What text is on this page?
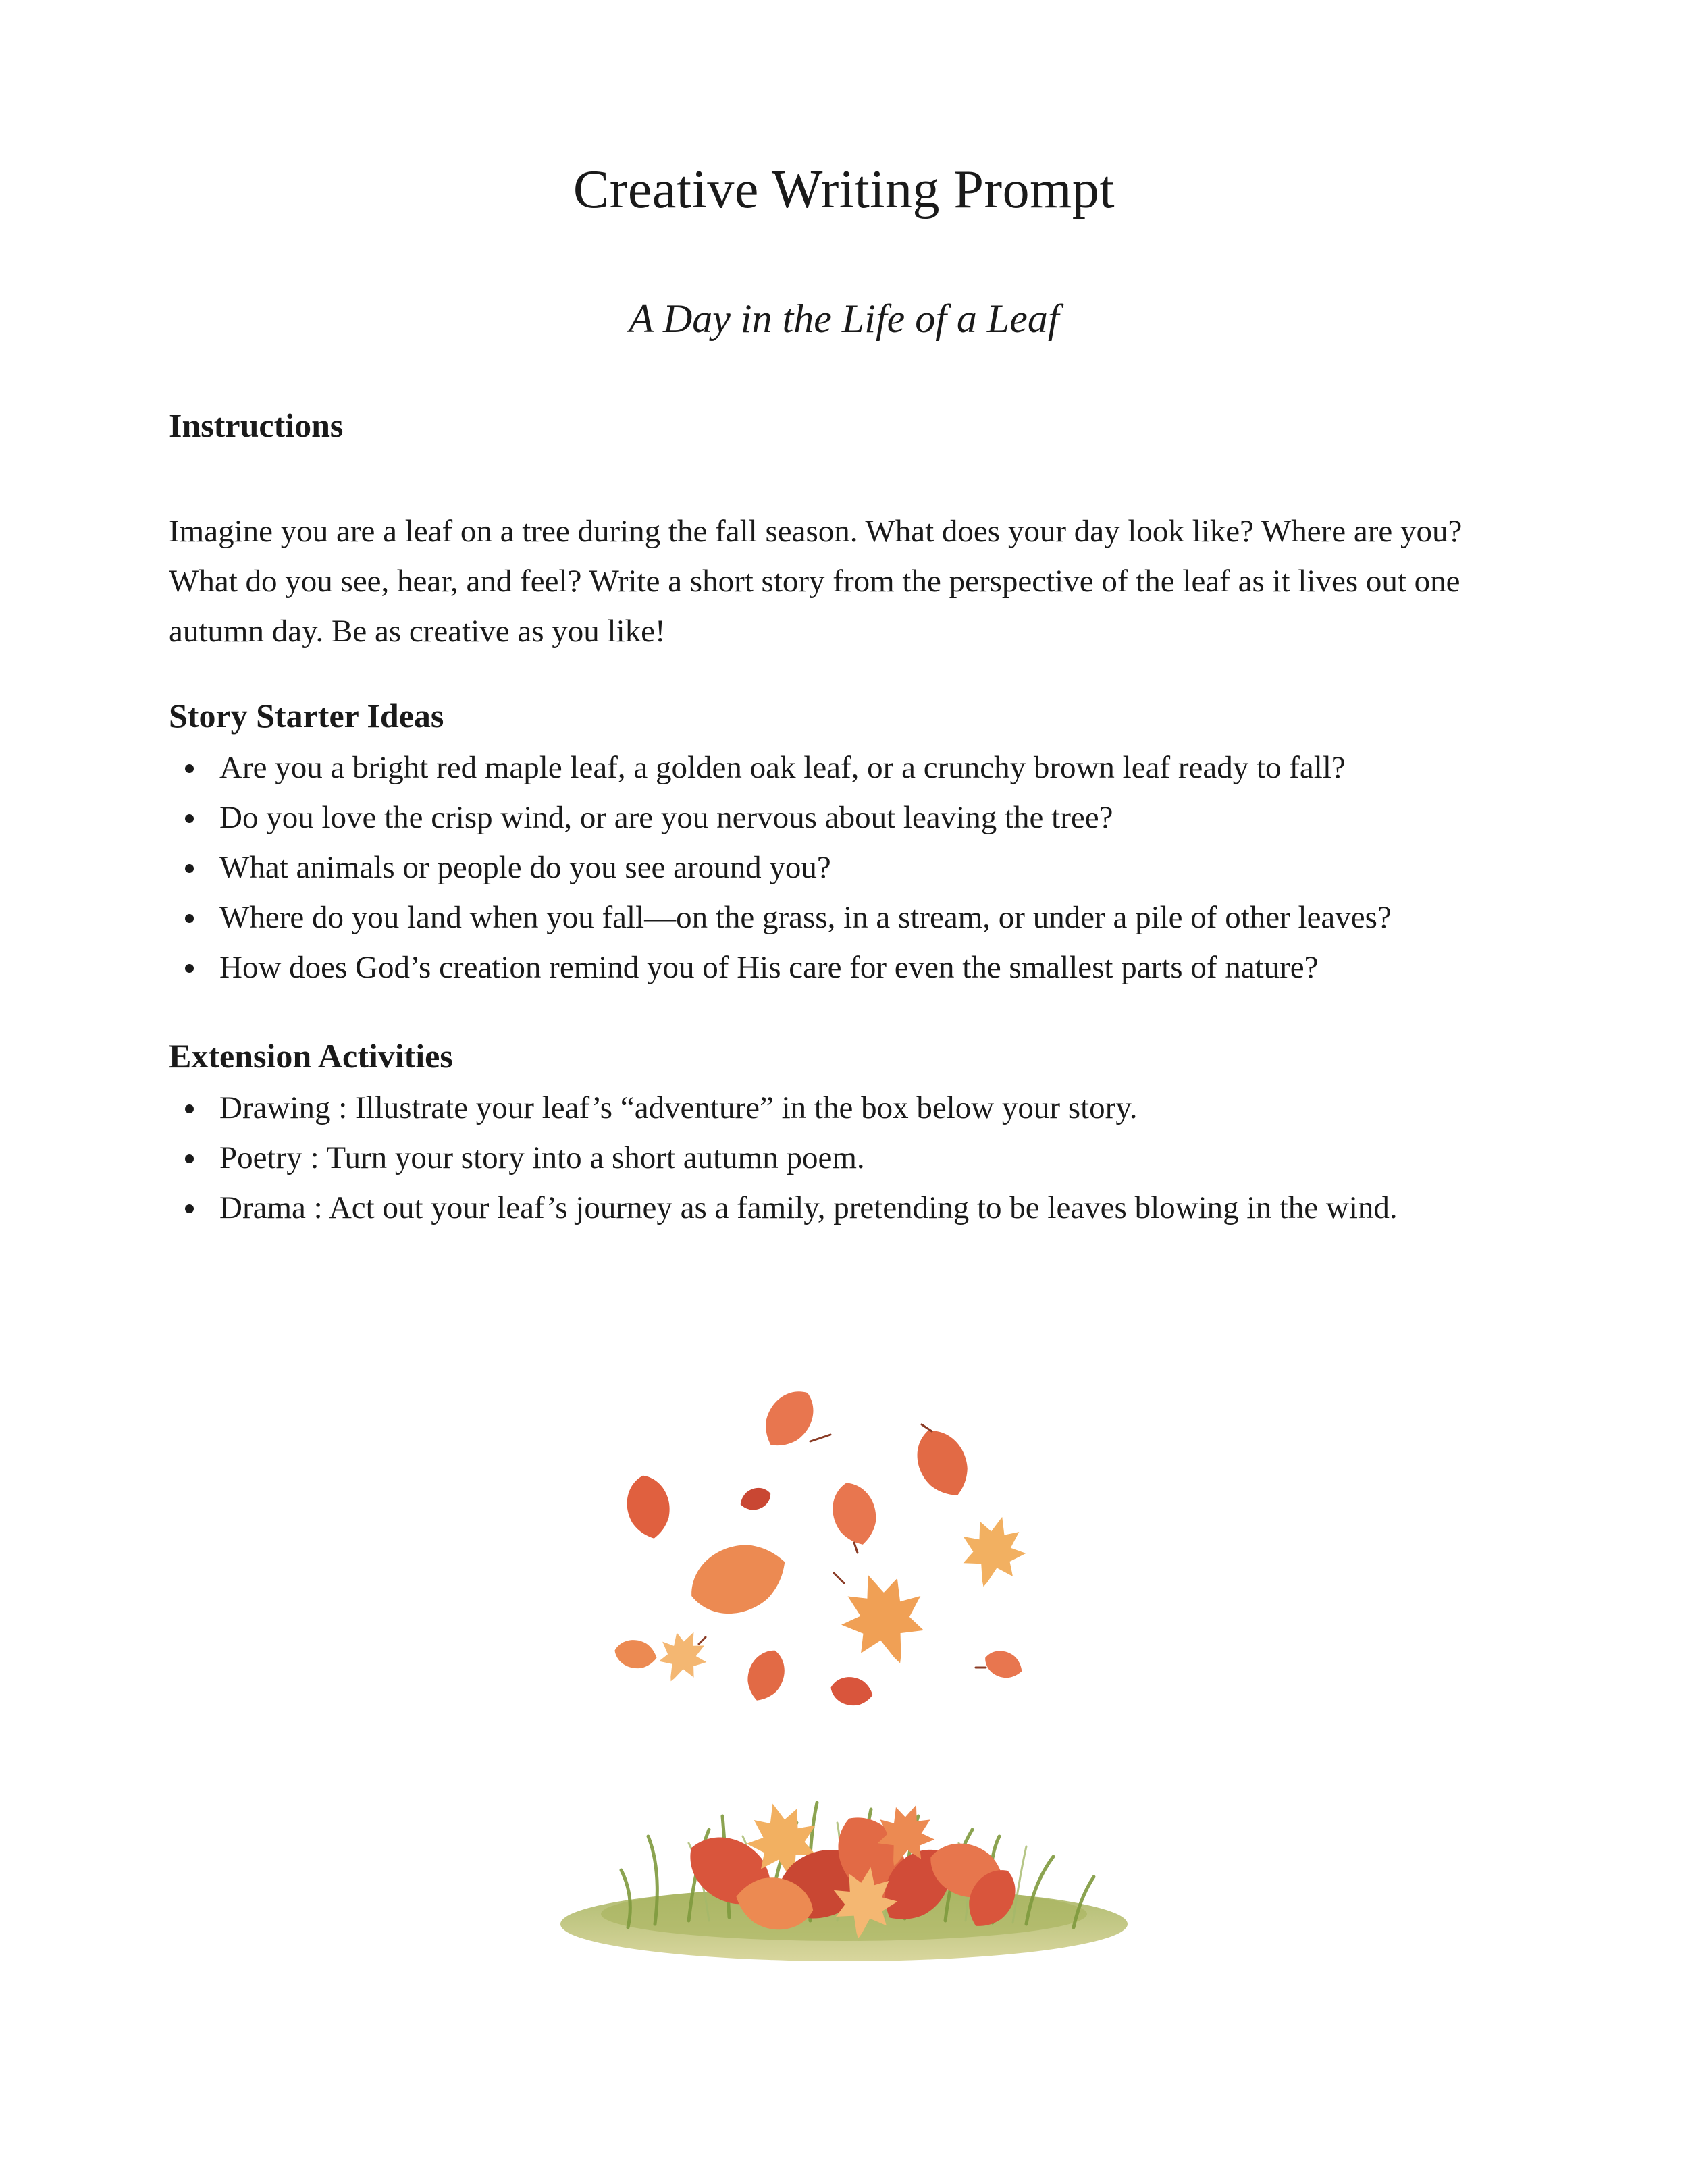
Creative Writing Prompt
A Day in the Life of a Leaf
Instructions

Imagine you are a leaf on a tree during the fall season. What does your day look like? Where are you? What do you see, hear, and feel? Write a short story from the perspective of the leaf as it lives out one autumn day. Be as creative as you like!

Story Starter Ideas
Are you a bright red maple leaf, a golden oak leaf, or a crunchy brown leaf ready to fall?
Do you love the crisp wind, or are you nervous about leaving the tree?
What animals or people do you see around you?
Where do you land when you fall—on the grass, in a stream, or under a pile of other leaves?
How does God’s creation remind you of His care for even the smallest parts of nature?
Extension Activities
Drawing : Illustrate your leaf’s “adventure” in the box below your story.
Poetry : Turn your story into a short autumn poem.
Drama : Act out your leaf’s journey as a family, pretending to be leaves blowing in the wind.
